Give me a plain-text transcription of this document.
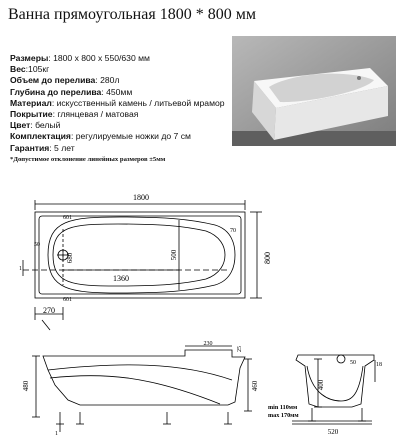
Ванна прямоугольная 1800 * 800 мм
Размеры: 1800 x 800 x 550/630 мм
Вес:105кг
Объем до перелива: 280л
Глубина до перелива: 450мм
Материал: искусственный камень / литьевой мрамор
Покрытие: глянцевая / матовая
Цвет: белый
Комплектация: регулируемые ножки до 7 см
Гарантия: 5 лет
*Допустимое отклонение линейных размеров ±5мм
1800
800
601
601
50
70
680	500
1360
270
1
230
25
480	460
1
50	18
400
520
min 110мм
max 170мм
